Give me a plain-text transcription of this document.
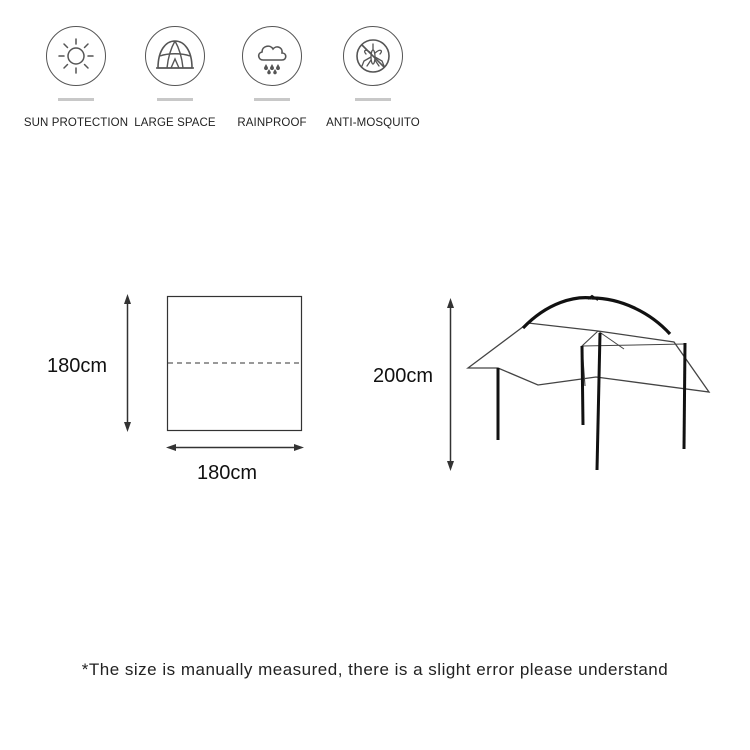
SUN PROTECTION LARGE SPACE	RAINPROOF	ANTI-MOSQUITO
180cm
180cm
200cm
*The size is manually measured, there is a slight error please understand
